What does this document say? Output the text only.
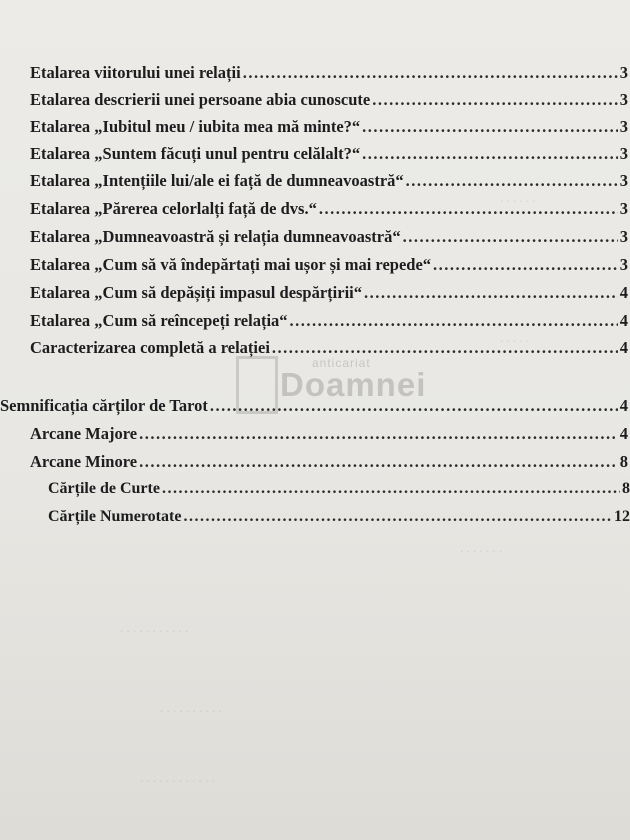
. . . . . .
. . . . .
. . . . . . .
. . . . . . . . . . .
. . . . . . . . . .
. . . . . . . . . . . .
Etalarea viitorului unei relații .....	3
Etalarea descrierii unei persoane abia cunoscute .....	3
Etalarea „Iubitul meu / iubita mea mă minte?“ .....	3
Etalarea „Suntem făcuți unul pentru celălalt?“ .....	3
Etalarea „Intențiile lui/ale ei față de dumneavoastră“ .....	3
Etalarea „Părerea celorlalți față de dvs.“ .....	3
Etalarea „Dumneavoastră și relația dumneavoastră“ .....	3
Etalarea „Cum să vă îndepărtați mai ușor și mai repede“ .....	3
Etalarea „Cum să depășiți impasul despărțirii“ .....	4
Etalarea „Cum să reîncepeți relația“ .....	4
Caracterizarea completă a relației .....	4
Semnificația cărților de Tarot .....	4
Arcane Majore .....	4
Arcane Minore .....	8
Cărțile de Curte .....	8
Cărțile Numerotate .....	12
anticariat
Doamnei
